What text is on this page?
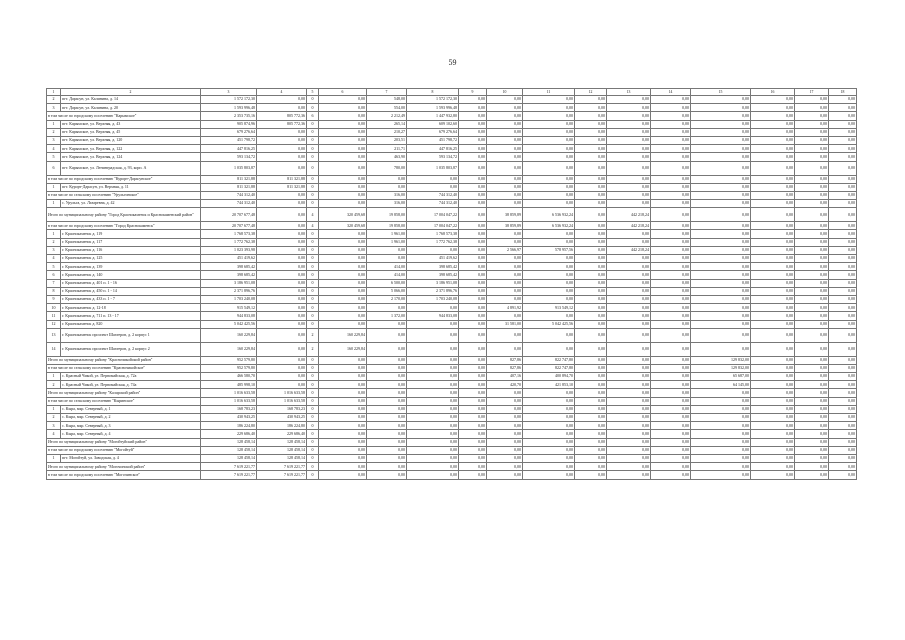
59
1	2	3	4	5	6	7	8	9	10	11	12	13	14	15	16	17	18
2	пгт. Дарасун, ул. Калинина, д. 14	1 572 172,30	0,00	0	0,00	548,00	1 572 172,30	0,00	0,00	0,00	0,00	0,00	0,00	0,00	0,00	0,00	0,00
3	пгт. Дарасун, ул. Калинина, д. 20	1 593 996,48	0,00	0	0,00	554,00	1 593 996,48	0,00	0,00	0,00	0,00	0,00	0,00	0,00	0,00	0,00	0,00
в том числе по городскому поселению "Карымское"		2 353 735,16	805 772,36	6	0,00	2 212,49	1 447 932,80	0,00	0,00	0,00	0,00	0,00	0,00	0,00	0,00	0,00	0,00
1	пгт. Карымское, ул. Верхняя, д. 43	905 874,96	805 772,36	0	0,00	265,14	609 102,60	0,00	0,00	0,00	0,00	0,00	0,00	0,00	0,00	0,00	0,00
2	пгт. Карымское, ул. Верхняя, д. 45	679 276,64	0,00	0	0,00	210,27	679 276,64	0,00	0,00	0,00	0,00	0,00	0,00	0,00	0,00	0,00	0,00
3	пгт. Карымское, ул. Верхняя, д. 120	451 798,72	0,00	0	0,00	203,51	451 798,72	0,00	0,00	0,00	0,00	0,00	0,00	0,00	0,00	0,00	0,00
4	пгт. Карымское, ул. Верхняя, д. 122	447 816,25	0,00	0	0,00	211,71	447 816,25	0,00	0,00	0,00	0,00	0,00	0,00	0,00	0,00	0,00	0,00
5	пгт. Карымское, ул. Верхняя, д. 124	593 134,72	0,00	0	0,00	463,90	593 134,72	0,00	0,00	0,00	0,00	0,00	0,00	0,00	0,00	0,00	0,00
6	пгт. Карымское, ул. Ленинградская, д. 93, корп. А	1 035 803,87	0,00	0	0,00	780,00	1 035 803,87	0,00	0,00	0,00	0,00	0,00	0,00	0,00	0,00	0,00	0,00
в том числе по городскому поселению "Курорт-Дарасунское"		811 321,88	811 321,88	0	0,00	0,00	0,00	0,00	0,00	0,00	0,00	0,00	0,00	0,00	0,00	0,00	0,00
1	пгт. Курорт-Дарасун, ул. Верхняя, д. 11	811 321,88	811 321,88	0	0,00	0,00	0,00	0,00	0,00	0,00	0,00	0,00	0,00	0,00	0,00	0,00	0,00
в том числе по сельскому поселению "Урульгинское"		744 312,40	0,00	0	0,00	316,00	744 312,40	0,00	0,00	0,00	0,00	0,00	0,00	0,00	0,00	0,00	0,00
1	с. Урульга, ул. Лазаревна, д. 42	744 312,40	0,00	0	0,00	316,00	744 312,40	0,00	0,00	0,00	0,00	0,00	0,00	0,00	0,00	0,00	0,00
Итого по муниципальному району "Город Краснокаменск и Краснокаменский район"		20 707 677,48	0,00	4	320 459,68	19 858,00	17 004 047,22	0,00	38 859,89	6 536 932,24	0,00	442 218,24	0,00	0,00	0,00	0,00	0,00
в том числе по городскому поселению "Город Краснокаменск"		20 707 677,48	0,00	4	320 459,68	19 858,00	17 004 047,22	0,00	38 859,89	6 536 932,24	0,00	442 218,24	0,00	0,00	0,00	0,00	0,00
1	г. Краснокаменск д. 119	1 768 573,38	0,00	0	0,00	1 961,00	1 768 573,38	0,00	0,00	0,00	0,00	0,00	0,00	0,00	0,00	0,00	0,00
2	г. Краснокаменск д. 117	1 772 762,38	0,00	0	0,00	1 961,00	1 772 762,38	0,00	0,00	0,00	0,00	0,00	0,00	0,00	0,00	0,00	0,00
3	г. Краснокаменск д. 116	1 023 393,98	0,00	0	0,00	0,00	0,00	0,00	2 566,97	578 957,56	0,00	442 218,24	0,00	0,00	0,00	0,00	0,00
4	г. Краснокаменск д. 125	451 419,62	0,00	0	0,00	0,00	451 419,62	0,00	0,00	0,00	0,00	0,00	0,00	0,00	0,00	0,00	0,00
5	г. Краснокаменск д. 139	398 685,42	0,00	0	0,00	414,00	398 685,42	0,00	0,00	0,00	0,00	0,00	0,00	0,00	0,00	0,00	0,00
6	г. Краснокаменск д. 140	398 685,42	0,00	0	0,00	414,00	398 685,42	0,00	0,00	0,00	0,00	0,00	0,00	0,00	0,00	0,00	0,00
7	г. Краснокаменск д. 401 п. 1 - 16	3 186 951,08	0,00	0	0,00	6 500,00	3 186 951,08	0,00	0,00	0,00	0,00	0,00	0,00	0,00	0,00	0,00	0,00
8	г. Краснокаменск д. 450 п. 1 - 14	2 371 896,76	0,00	0	0,00	5 066,00	2 371 896,76	0,00	0,00	0,00	0,00	0,00	0,00	0,00	0,00	0,00	0,00
9	г. Краснокаменск д. 433 п. 1 - 7	1 703 240,08	0,00	0	0,00	2 170,00	1 703 240,08	0,00	0,00	0,00	0,00	0,00	0,00	0,00	0,00	0,00	0,00
10	г. Краснокаменск д. 12-18	915 549,12	0,00	0	0,00	0,00	0,00	0,00	4 891,92	913 549,12	0,00	0,00	0,00	0,00	0,00	0,00	0,00
11	г. Краснокаменск д. 711 п. 13 - 17	944 833,08	0,00	0	0,00	1 372,00	944 833,08	0,00	0,00	0,00	0,00	0,00	0,00	0,00	0,00	0,00	0,00
12	г. Краснокаменск д. 820	5 042 425,56	0,00	0	0,00	0,00	0,00	0,00	31 581,00	5 042 425,56	0,00	0,00	0,00	0,00	0,00	0,00	0,00
13	г. Краснокаменск проспект Шахтеров, д. 2 корпус 1	160 229,84	0,00	2	160 229,84	0,00	0,00	0,00	0,00	0,00	0,00	0,00	0,00	0,00	0,00	0,00	0,00
14	г. Краснокаменск проспект Шахтеров, д. 2 корпус 2	160 229,84	0,00	2	160 229,84	0,00	0,00	0,00	0,00	0,00	0,00	0,00	0,00	0,00	0,00	0,00	0,00
Итого по муниципальному району "Красночикойский район"		952 579,80	0,00	0	0,00	0,00	0,00	0,00	827,86	822 747,80	0,00	0,00	0,00	129 832,00	0,00	0,00	0,00
в том числе по сельскому поселению "Красночикойское"		952 579,80	0,00	0	0,00	0,00	0,00	0,00	827,86	822 747,80	0,00	0,00	0,00	129 832,00	0,00	0,00	0,00
1	с. Красный Чикой, ул. Первомайская, д. 72а	466 580,70	0,00	0	0,00	0,00	0,00	0,00	407,16	400 894,70	0,00	0,00	0,00	65 687,00	0,00	0,00	0,00
2	с. Красный Чикой, ул. Первомайская, д. 74а	485 998,10	0,00	0	0,00	0,00	0,00	0,00	420,70	421 853,10	0,00	0,00	0,00	64 145,00	0,00	0,00	0,00
Итого по муниципальному району "Каларский район"		1 016 633,58	1 016 633,58	0	0,00	0,00	0,00	0,00	0,00	0,00	0,00	0,00	0,00	0,00	0,00	0,00	0,00
в том числе по сельскому поселению "Кыринское"		1 016 633,58	1 016 633,58	0	0,00	0,00	0,00	0,00	0,00	0,00	0,00	0,00	0,00	0,00	0,00	0,00	0,00
1	с. Кыра, мкр. Северный, д. 1	168 783,23	168 783,23	0	0,00	0,00	0,00	0,00	0,00	0,00	0,00	0,00	0,00	0,00	0,00	0,00	0,00
2	с. Кыра, мкр. Северный, д. 2	430 943,25	430 943,25	0	0,00	0,00	0,00	0,00	0,00	0,00	0,00	0,00	0,00	0,00	0,00	0,00	0,00
3	с. Кыра, мкр. Северный, д. 3	186 224,80	186 224,80	0	0,00	0,00	0,00	0,00	0,00	0,00	0,00	0,00	0,00	0,00	0,00	0,00	0,00
4	с. Кыра, мкр. Северный, д. 4	229 686,40	229 686,40	0	0,00	0,00	0,00	0,00	0,00	0,00	0,00	0,00	0,00	0,00	0,00	0,00	0,00
Итого по муниципальному району "Могойтуйский район"		128 458,14	128 458,14	0	0,00	0,00	0,00	0,00	0,00	0,00	0,00	0,00	0,00	0,00	0,00	0,00	0,00
в том числе по городскому поселению "Могойтуй"		128 458,14	128 458,14	0	0,00	0,00	0,00	0,00	0,00	0,00	0,00	0,00	0,00	0,00	0,00	0,00	0,00
1	пгт. Могойтуй, ул. Заводская, д. 4	128 458,14	128 458,14	0	0,00	0,00	0,00	0,00	0,00	0,00	0,00	0,00	0,00	0,00	0,00	0,00	0,00
Итого по муниципальному району "Могочинский район"		7 619 221,77	7 619 221,77	0	0,00	0,00	0,00	0,00	0,00	0,00	0,00	0,00	0,00	0,00	0,00	0,00	0,00
в том числе по городскому поселению "Могочинское"		7 619 221,77	7 619 221,77	0	0,00	0,00	0,00	0,00	0,00	0,00	0,00	0,00	0,00	0,00	0,00	0,00	0,00
